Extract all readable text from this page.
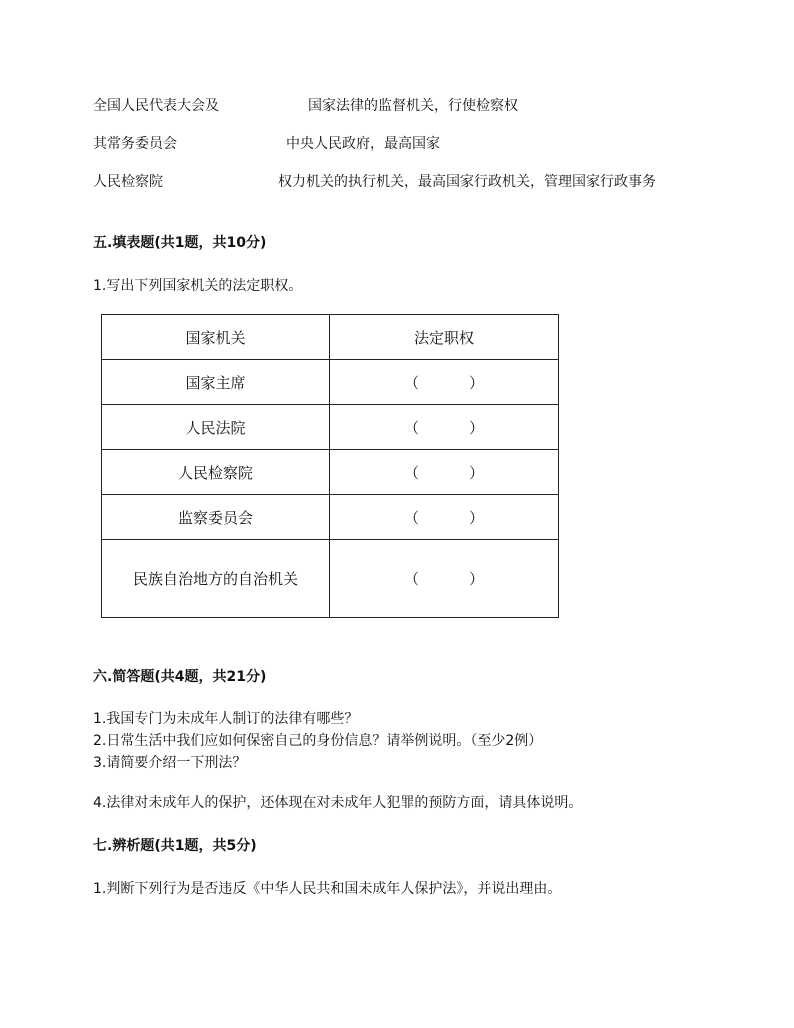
全国人民代表大会及	国家法律的监督机关，行使检察权
其常务委员会	中央人民政府，最高国家
人民检察院	权力机关的执行机关，最高国家行政机关，管理国家行政事务
五.填表题(共1题，共10分)
1.写出下列国家机关的法定职权。
国家机关	法定职权
国家主席	（ ）
人民法院	（ ）
人民检察院	（ ）
监察委员会	（ ）
民族自治地方的自治机关	（ ）
六.简答题(共4题，共21分)
1.我国专门为未成年人制订的法律有哪些？
2.日常生活中我们应如何保密自己的身份信息？请举例说明。（至少2例）
3.请简要介绍一下刑法？
4.法律对未成年人的保护，还体现在对未成年人犯罪的预防方面，请具体说明。
七.辨析题(共1题，共5分)
1.判断下列行为是否违反《中华人民共和国未成年人保护法》，并说出理由。
